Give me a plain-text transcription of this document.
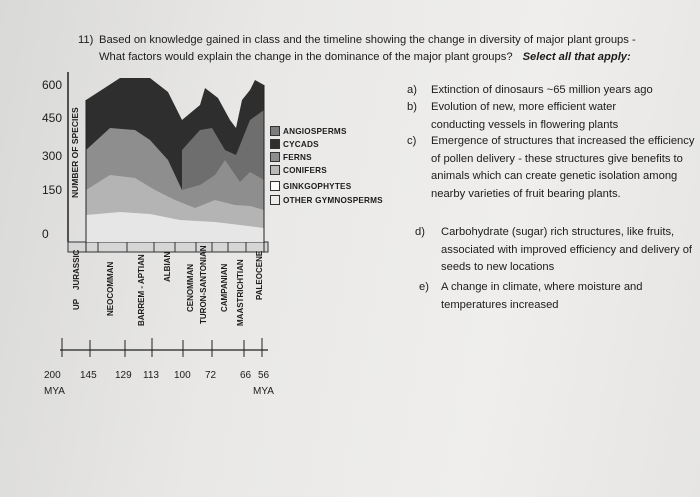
11) Based on knowledge gained in class and the timeline showing the change in diversity of major plant groups -
What factors would explain the change in the dominance of the major plant groups? Select all that apply:
600
450
300
150
0
NUMBER OF SPECIES
UP
JURASSIC	NEOCOMMAN	BARREM - APTIAN ALBIAN CENOMMAN TURON-SANTONIAN CAMPANIAN MAASTRICHTIAN PALEOCENE
200 145 129 113 100 72 66 56
MYA	MYA
ANGIOSPERMS
CYCADS
FERNS
CONIFERS
GINKGOPHYTES
OTHER GYMNOSPERMS
a) Extinction of dinosaurs ~65 million years ago
b) Evolution of new, more efficient water conducting vessels in flowering plants
c) Emergence of structures that increased the efficiency of pollen delivery - these structures give benefits to animals which can create genetic isolation among nearby varieties of fruit bearing plants.
d) Carbohydrate (sugar) rich structures, like fruits, associated with improved efficiency and delivery of seeds to new locations
e) A change in climate, where moisture and temperatures increased
